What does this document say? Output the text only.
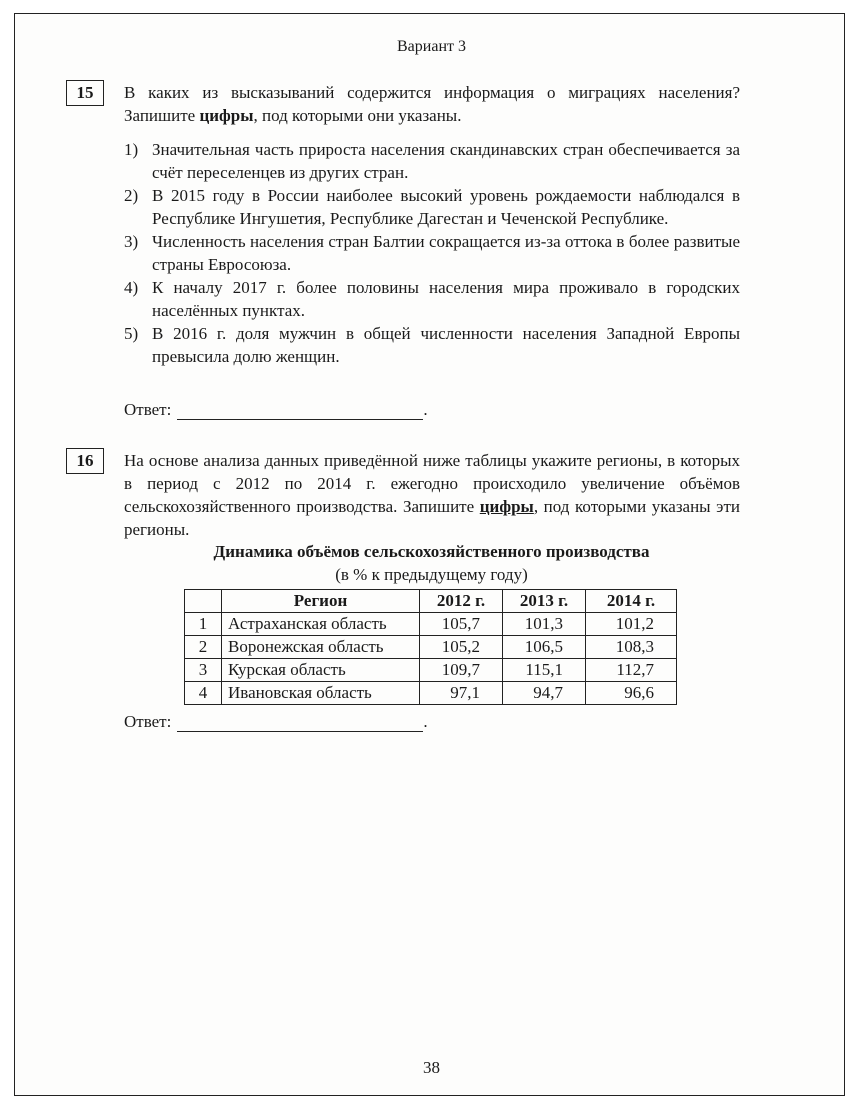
Вариант 3
15	В каких из высказываний содержится информация о миграциях населения? Запишите цифры, под которыми они указаны.
1) Значительная часть прироста населения скандинавских стран обеспечивается за счёт переселенцев из других стран.
2) В 2015 году в России наиболее высокий уровень рождаемости наблюдался в Республике Ингушетия, Республике Дагестан и Чеченской Республике.
3) Численность населения стран Балтии сокращается из-за оттока в более развитые страны Евросоюза.
4) К началу 2017 г. более половины населения мира проживало в городских населённых пунктах.
5) В 2016 г. доля мужчин в общей численности населения Западной Европы превысила долю женщин.
Ответ:	.
16	На основе анализа данных приведённой ниже таблицы укажите регионы, в которых в период с 2012 по 2014 г. ежегодно происходило увеличение объёмов сельскохозяйственного производства. Запишите цифры, под которыми указаны эти регионы.
Динамика объёмов сельскохозяйственного производства
(в % к предыдущему году)
	Регион	2012 г.	2013 г.	2014 г.
1	Астраханская область	105,7	101,3	101,2
2	Воронежская область	105,2	106,5	108,3
3	Курская область	109,7	115,1	112,7
4	Ивановская область	97,1	94,7	96,6
Ответ:	.
38
